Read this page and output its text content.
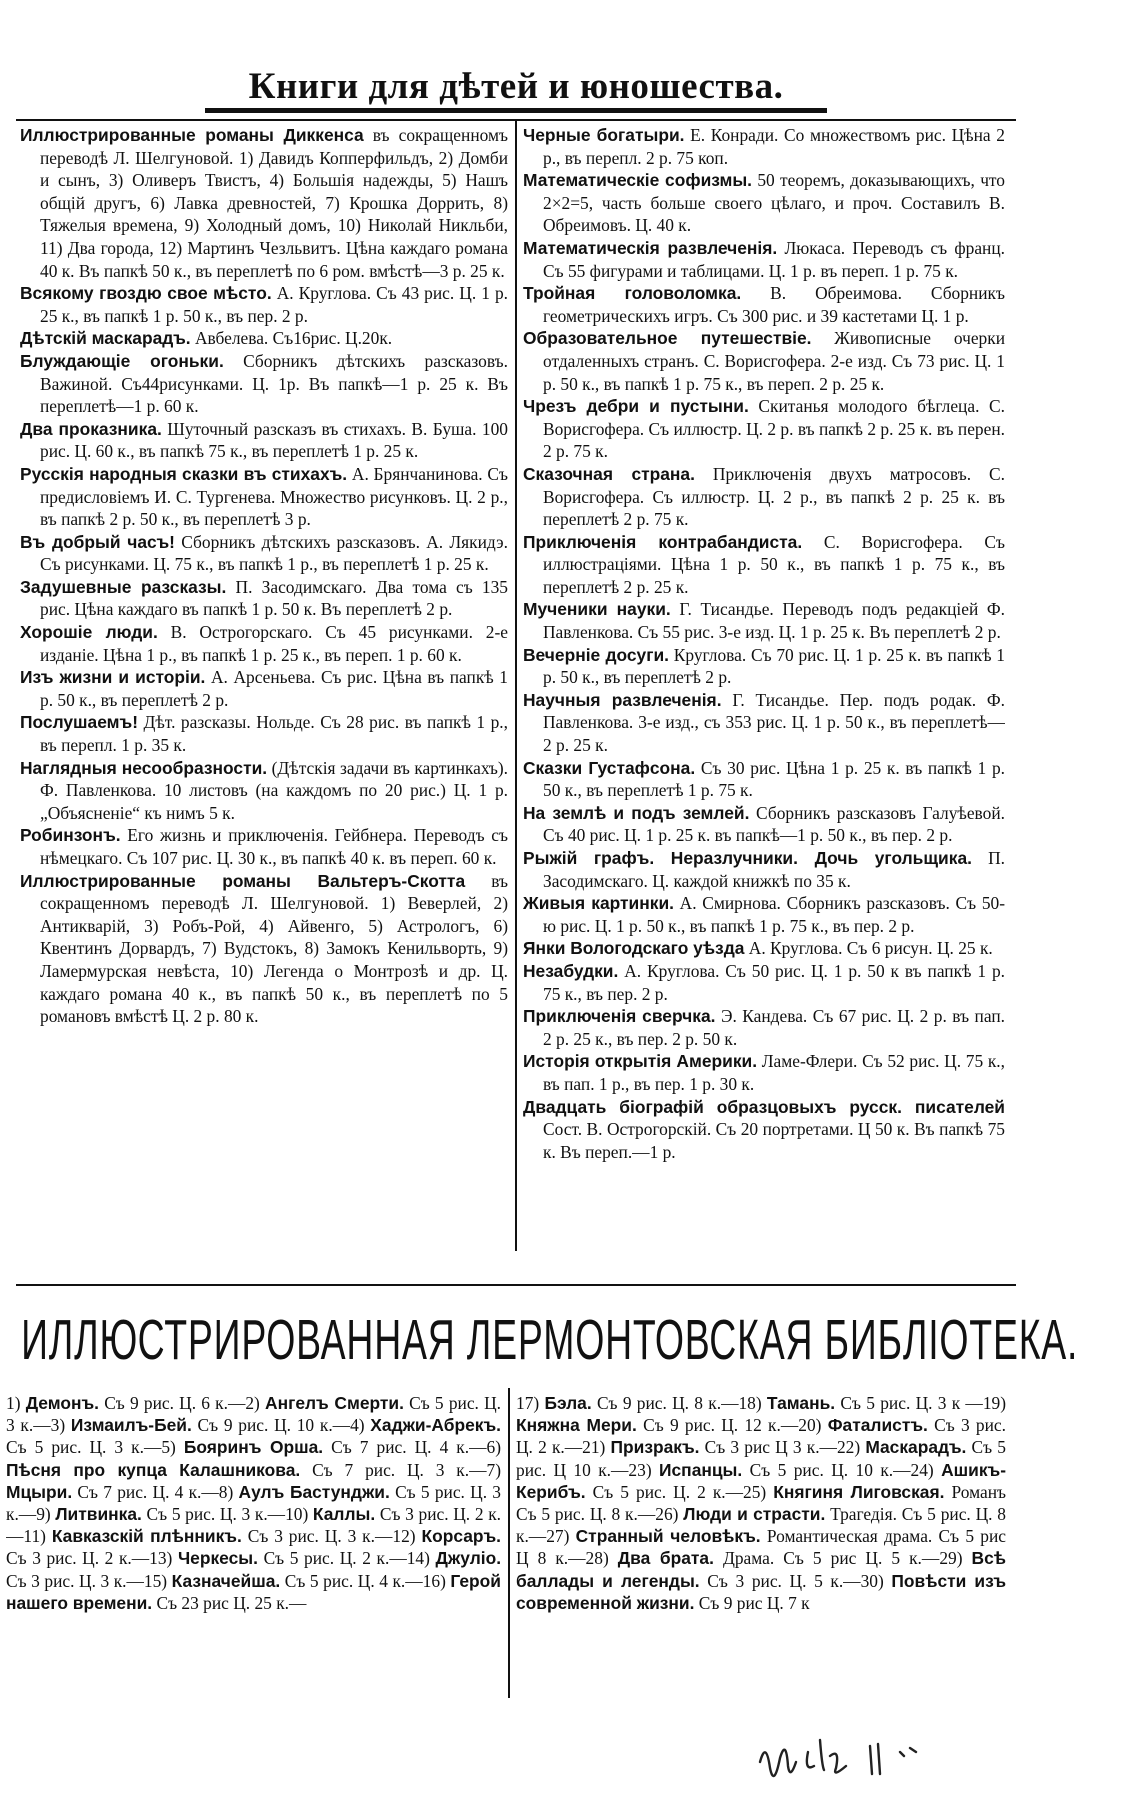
Книги для дѣтей и юношества.

Иллюстрированные романы Диккенса въ сокращенномъ переводѣ Л. Шелгуновой. 1) Давидъ Копперфильдъ, 2) Домби и сынъ, 3) Оливеръ Твистъ, 4) Большія надежды, 5) Нашъ общій другъ, 6) Лавка древностей, 7) Крошка Доррить, 8) Тяжелыя времена, 9) Холодный домъ, 10) Николай Никльби, 11) Два города, 12) Мартинъ Чезльвитъ. Цѣна каждаго романа 40 к. Въ папкѣ 50 к., въ переплетѣ по 6 ром. вмѣстѣ—3 р. 25 к.

Всякому гвоздю свое мѣсто. А. Круглова. Съ 43 рис. Ц. 1 р. 25 к., въ папкѣ 1 р. 50 к., въ пер. 2 р.

Дѣтскій маскарадъ. Авбелева. Съ16рис. Ц.20к.

Блуждающіе огоньки. Сборникъ дѣтскихъ разсказовъ. Важиной. Съ44рисунками. Ц. 1р. Въ папкѣ—1 р. 25 к. Въ переплетѣ—1 р. 60 к.

Два проказника. Шуточный разсказъ въ стихахъ. В. Буша. 100 рис. Ц. 60 к., въ папкѣ 75 к., въ переплетѣ 1 р. 25 к.

Русскія народныя сказки въ стихахъ. А. Брянчанинова. Съ предисловіемъ И. С. Тургенева. Множество рисунковъ. Ц. 2 р., въ папкѣ 2 р. 50 к., въ переплетѣ 3 р.

Въ добрый часъ! Сборникъ дѣтскихъ разсказовъ. А. Лякидэ. Съ рисунками. Ц. 75 к., въ папкѣ 1 р., въ переплетѣ 1 р. 25 к.

Задушевные разсказы. П. Засодимскаго. Два тома съ 135 рис. Цѣна каждаго въ папкѣ 1 р. 50 к. Въ переплетѣ 2 р.

Хорошіе люди. В. Острогорскаго. Съ 45 рисунками. 2-е изданіе. Цѣна 1 р., въ папкѣ 1 р. 25 к., въ переп. 1 р. 60 к.

Изъ жизни и исторіи. А. Арсеньева. Съ рис. Цѣна въ папкѣ 1 р. 50 к., въ переплетѣ 2 р.

Послушаемъ! Дѣт. разсказы. Нольде. Съ 28 рис. въ папкѣ 1 р., въ перепл. 1 р. 35 к.

Наглядныя несообразности. (Дѣтскія задачи въ картинкахъ). Ф. Павленкова. 10 листовъ (на каждомъ по 20 рис.) Ц. 1 р. „Объясненіе“ къ нимъ 5 к.

Робинзонъ. Его жизнь и приключенія. Гейбнера. Переводъ съ нѣмецкаго. Съ 107 рис. Ц. 30 к., въ папкѣ 40 к. въ переп. 60 к.

Иллюстрированные романы Вальтеръ-Скотта въ сокращенномъ переводѣ Л. Шелгуновой. 1) Веверлей, 2) Антикварій, 3) Робъ-Рой, 4) Айвенго, 5) Астрологъ, 6) Квентинъ Дорвардъ, 7) Вудстокъ, 8) Замокъ Кенильворть, 9) Ламермурская невѣста, 10) Легенда о Монтрозѣ и др. Ц. каждаго романа 40 к., въ папкѣ 50 к., въ переплетѣ по 5 романовъ вмѣстѣ Ц. 2 р. 80 к.

Черные богатыри. Е. Конради. Со множествомъ рис. Цѣна 2 р., въ перепл. 2 р. 75 коп.

Математическіе софизмы. 50 теоремъ, доказывающихъ, что 2×2=5, часть больше своего цѣлаго, и проч. Составилъ В. Обреимовъ. Ц. 40 к.

Математическія развлеченія. Люкаса. Переводъ съ франц. Съ 55 фигурами и таблицами. Ц. 1 р. въ переп. 1 р. 75 к.

Тройная головоломка. В. Обреимова. Сборникъ геометрическихъ игръ. Съ 300 рис. и 39 кастетами Ц. 1 р.

Образовательное путешествіе. Живописные очерки отдаленныхъ странъ. С. Ворисгофера. 2-е изд. Съ 73 рис. Ц. 1 р. 50 к., въ папкѣ 1 р. 75 к., въ переп. 2 р. 25 к.

Чрезъ дебри и пустыни. Скитанья молодого бѣглеца. С. Ворисгофера. Съ иллюстр. Ц. 2 р. въ папкѣ 2 р. 25 к. въ перен. 2 р. 75 к.

Сказочная страна. Приключенія двухъ матросовъ. С. Ворисгофера. Съ иллюстр. Ц. 2 р., въ папкѣ 2 р. 25 к. въ переплетѣ 2 р. 75 к.

Приключенія контрабандиста. С. Ворисгофера. Съ иллюстраціями. Цѣна 1 р. 50 к., въ папкѣ 1 р. 75 к., въ переплетѣ 2 р. 25 к.

Мученики науки. Г. Тисандье. Переводъ подъ редакціей Ф. Павленкова. Съ 55 рис. 3-е изд. Ц. 1 р. 25 к. Въ переплетѣ 2 р.

Вечерніе досуги. Круглова. Съ 70 рис. Ц. 1 р. 25 к. въ папкѣ 1 р. 50 к., въ переплетѣ 2 р.

Научныя развлеченія. Г. Тисандье. Пер. подъ родак. Ф. Павленкова. 3-е изд., съ 353 рис. Ц. 1 р. 50 к., въ переплетѣ—2 р. 25 к.

Сказки Густафсона. Съ 30 рис. Цѣна 1 р. 25 к. въ папкѣ 1 р. 50 к., въ переплетѣ 1 р. 75 к.

На землѣ и подъ землей. Сборникъ разсказовъ Галуѣевой. Съ 40 рис. Ц. 1 р. 25 к. въ папкѣ—1 р. 50 к., въ пер. 2 р.

Рыжій графъ. Неразлучники. Дочь угольщика. П. Засодимскаго. Ц. каждой книжкѣ по 35 к.

Живыя картинки. А. Смирнова. Сборникъ разсказовъ. Съ 50-ю рис. Ц. 1 р. 50 к., въ папкѣ 1 р. 75 к., въ пер. 2 р.

Янки Вологодскаго уѣзда А. Круглова. Съ 6 рисун. Ц. 25 к.

Незабудки. А. Круглова. Съ 50 рис. Ц. 1 р. 50 к въ папкѣ 1 р. 75 к., въ пер. 2 р.

Приключенія сверчка. Э. Кандева. Съ 67 рис. Ц. 2 р. въ пап. 2 р. 25 к., въ пер. 2 р. 50 к.

Исторія открытія Америки. Ламе-Флери. Съ 52 рис. Ц. 75 к., въ пап. 1 р., въ пер. 1 р. 30 к.

Двадцать біографій образцовыхъ русск. писателей Сост. В. Острогорскій. Съ 20 портретами. Ц 50 к. Въ папкѣ 75 к. Въ переп.—1 р.

ИЛЛЮСТРИРОВАННАЯ ЛЕРМОНТОВСКАЯ БИБЛІОТЕКА.
1) Демонъ. Съ 9 рис. Ц. 6 к.—2) Ангелъ Смерти. Съ 5 рис. Ц. 3 к.—3) Измаилъ-Бей. Съ 9 рис. Ц. 10 к.—4) Хаджи-Абрекъ. Съ 5 рис. Ц. 3 к.—5) Бояринъ Орша. Съ 7 рис. Ц. 4 к.—6) Пѣсня про купца Калашникова. Съ 7 рис. Ц. 3 к.—7) Мцыри. Съ 7 рис. Ц. 4 к.—8) Аулъ Бастунджи. Съ 5 рис. Ц. 3 к.—9) Литвинка. Съ 5 рис. Ц. 3 к.—10) Каллы. Съ 3 рис. Ц. 2 к.—11) Кавказскій плѣнникъ. Съ 3 рис. Ц. 3 к.—12) Корсаръ. Съ 3 рис. Ц. 2 к.—13) Черкесы. Съ 5 рис. Ц. 2 к.—14) Джуліо. Съ 3 рис. Ц. 3 к.—15) Казначейша. Съ 5 рис. Ц. 4 к.—16) Герой нашего времени. Съ 23 рис Ц. 25 к.—
17) Бэла. Съ 9 рис. Ц. 8 к.—18) Тамань. Съ 5 рис. Ц. 3 к —19) Княжна Мери. Съ 9 рис. Ц. 12 к.—20) Фаталистъ. Съ 3 рис. Ц. 2 к.—21) Призракъ. Съ 3 рис Ц 3 к.—22) Маскарадъ. Съ 5 рис. Ц 10 к.—23) Испанцы. Съ 5 рис. Ц. 10 к.—24) Ашикъ-Керибъ. Съ 5 рис. Ц. 2 к.—25) Княгиня Лиговская. Романъ Съ 5 рис. Ц. 8 к.—26) Люди и страсти. Трагедія. Съ 5 рис. Ц. 8 к.—27) Странный человѣкъ. Романтическая драма. Съ 5 рис Ц 8 к.—28) Два брата. Драма. Съ 5 рис Ц. 5 к.—29) Всѣ баллады и легенды. Съ 3 рис. Ц. 5 к.—30) Повѣсти изъ современной жизни. Съ 9 рис Ц. 7 к
